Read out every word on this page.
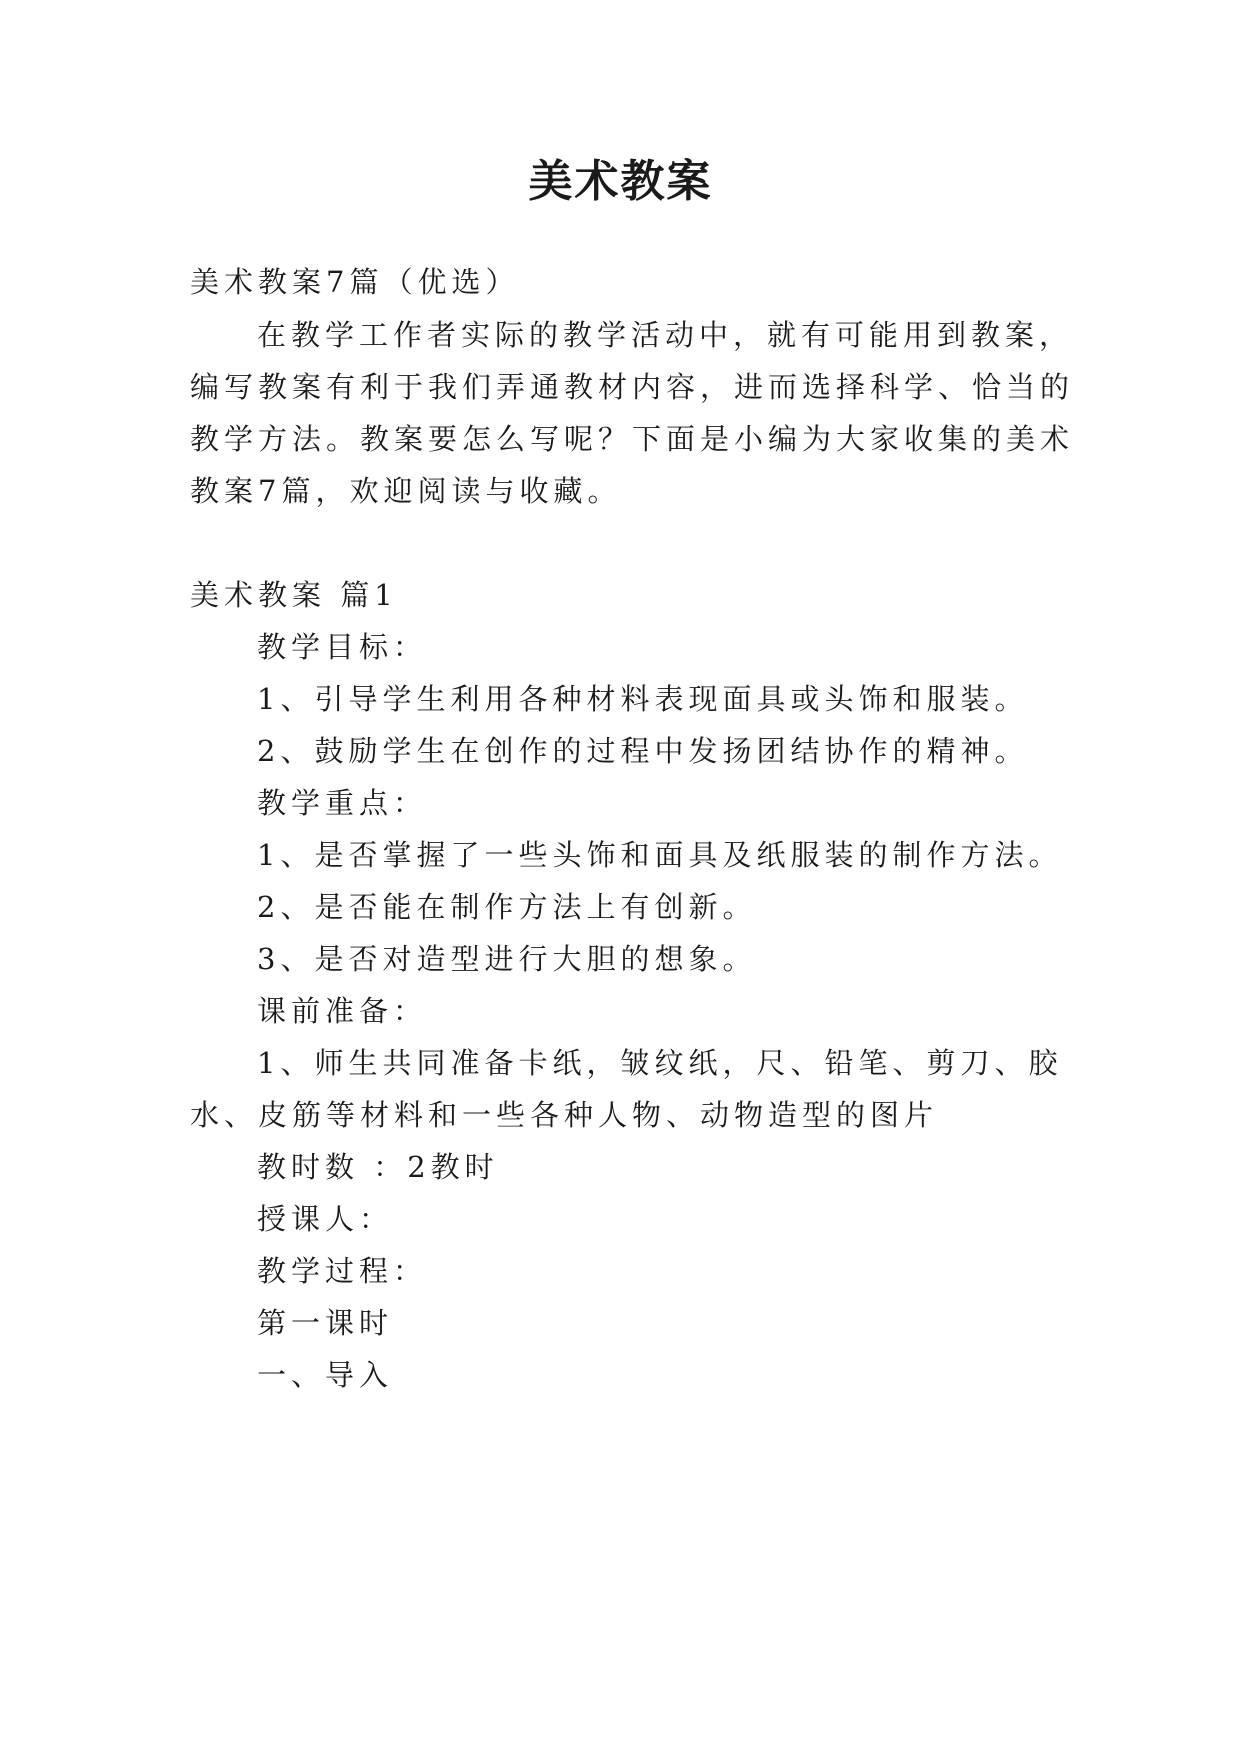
美术教案
美术教案7篇（优选）
在教学工作者实际的教学活动中，就有可能用到教案，
编写教案有利于我们弄通教材内容，进而选择科学、恰当的
教学方法。教案要怎么写呢？下面是小编为大家收集的美术
教案7篇，欢迎阅读与收藏。
美术教案 篇1
教学目标：
1、引导学生利用各种材料表现面具或头饰和服装。
2、鼓励学生在创作的过程中发扬团结协作的精神。
教学重点：
1、是否掌握了一些头饰和面具及纸服装的制作方法。
2、是否能在制作方法上有创新。
3、是否对造型进行大胆的想象。
课前准备：
1、师生共同准备卡纸，皱纹纸，尺、铅笔、剪刀、胶
水、皮筋等材料和一些各种人物、动物造型的图片
教时数 ：2教时
授课人：
教学过程：
第一课时
一、导入
